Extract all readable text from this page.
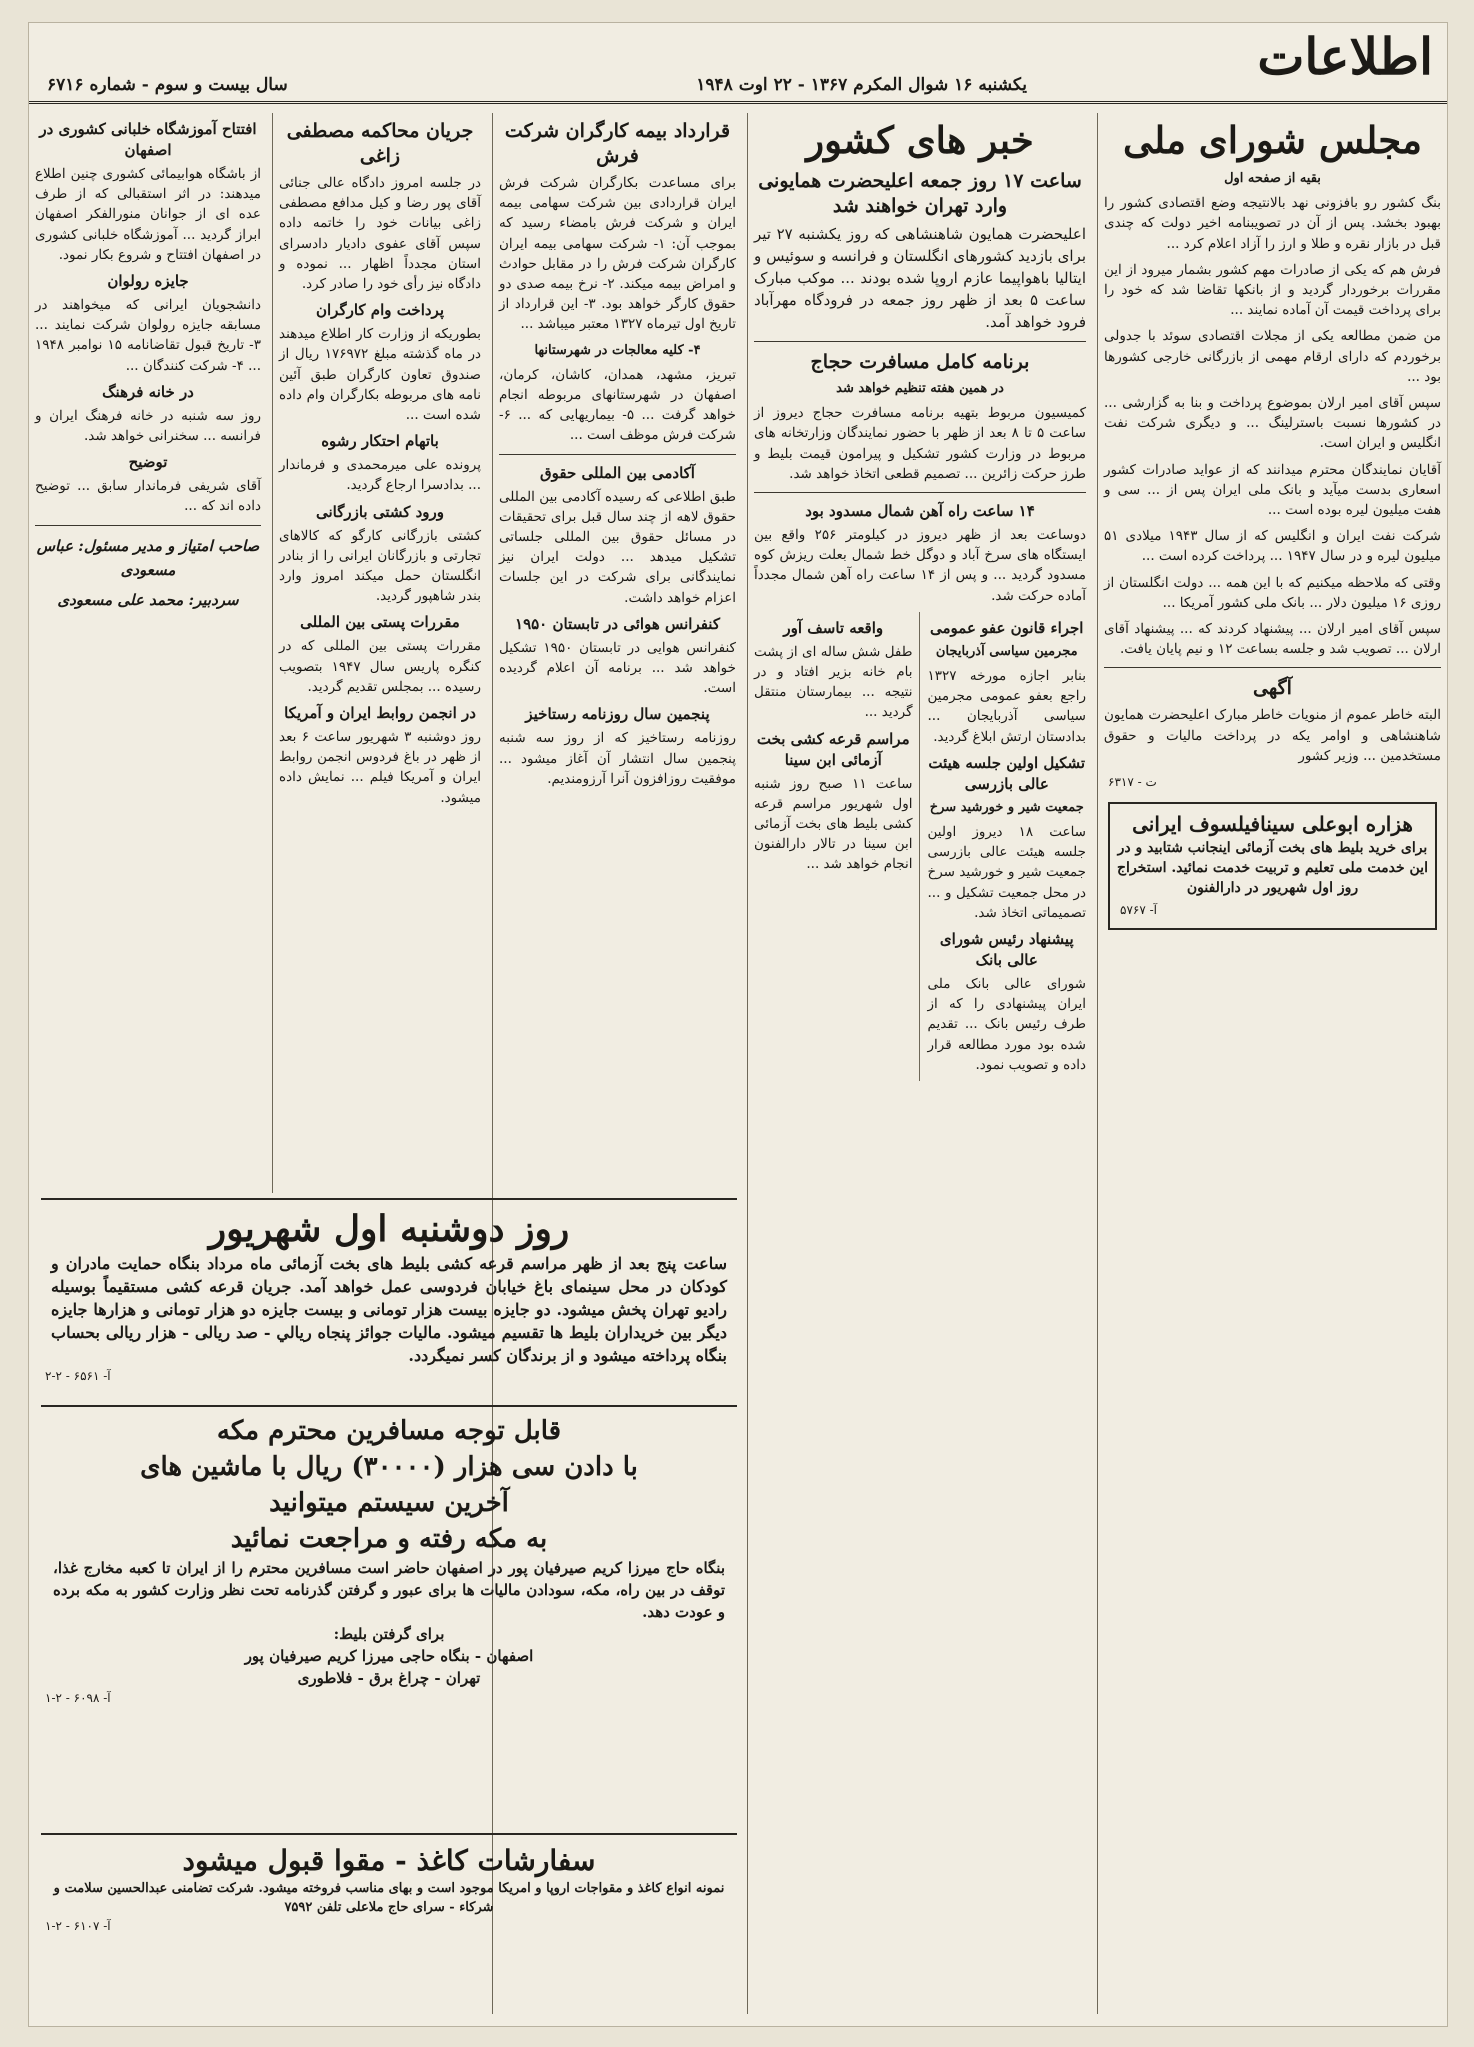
اطلاعات
یکشنبه ۱۶ شوال المکرم ۱۳۶۷ - ۲۲ اوت ۱۹۴۸
سال بیست و سوم - شماره ۶۷۱۶
مجلس شورای ملی
بقیه از صفحه اول

بنگ کشور رو بافزونی نهد بالانتیجه وضع اقتصادی کشور را بهبود بخشد. پس از آن در تصویبنامه اخیر دولت که چندی قبل در بازار نقره و طلا و ارز را آزاد اعلام کرد ...

فرش هم که یکی از صادرات مهم کشور بشمار میرود از این مقررات برخوردار گردید و از بانکها تقاضا شد که خود را برای پرداخت قیمت آن آماده نمایند ...

من ضمن مطالعه یکی از مجلات اقتصادی سوئد با جدولی برخوردم که دارای ارقام مهمی از بازرگانی خارجی کشورها بود ...

سپس آقای امیر ارلان بموضوع پرداخت و بنا به گزارشی ... در کشورها نسبت باسترلینگ ... و دیگری شرکت نفت انگلیس و ایران است.

آقایان نمایندگان محترم میدانند که از عواید صادرات کشور اسعاری بدست میآید و بانک ملی ایران پس از ... سی و هفت میلیون لیره بوده است ...

شرکت نفت ایران و انگلیس که از سال ۱۹۴۳ میلادی ۵۱ میلیون لیره و در سال ۱۹۴۷ ... پرداخت کرده است ...

وقتی که ملاحظه میکنیم که با این همه ... دولت انگلستان از روزی ۱۶ میلیون دلار ... بانک ملی کشور آمریکا ...

سپس آقای امیر ارلان ... پیشنهاد کردند که ... پیشنهاد آقای ارلان ... تصویب شد و جلسه بساعت ۱۲ و نیم پایان یافت.

آگهی

البته خاطر عموم از منویات خاطر مبارک اعلیحضرت همایون شاهنشاهی و اوامر یکه در پرداخت مالیات و حقوق مستخدمین ... وزیر کشور

ت - ۶۳۱۷
هزاره ابوعلی سینافیلسوف ایرانی
برای خرید بلیط های بخت آزمائی اینجانب شتابید و در این خدمت ملی تعلیم و تربیت خدمت نمائید. استخراج روز اول شهریور در دارالفنون
آ- ۵۷۶۷
خبر های کشور
ساعت ۱۷ روز جمعه اعلیحضرت همایونی وارد تهران خواهند شد

اعلیحضرت همایون شاهنشاهی که روز یکشنبه ۲۷ تیر برای بازدید کشورهای انگلستان و فرانسه و سوئیس و ایتالیا باهواپیما عازم اروپا شده بودند ... موکب مبارک ساعت ۵ بعد از ظهر روز جمعه در فرودگاه مهرآباد فرود خواهد آمد.

برنامه کامل مسافرت حجاج
در همین هفته تنظیم خواهد شد

کمیسیون مربوط بتهیه برنامه مسافرت حجاج دیروز از ساعت ۵ تا ۸ بعد از ظهر با حضور نمایندگان وزارتخانه های مربوط در وزارت کشور تشکیل و پیرامون قیمت بلیط و طرز حرکت زائرین ... تصمیم قطعی اتخاذ خواهد شد.

۱۴ ساعت راه آهن شمال مسدود بود

دوساعت بعد از ظهر دیروز در کیلومتر ۲۵۶ واقع بین ایستگاه های سرخ آباد و دوگل خط شمال بعلت ریزش کوه مسدود گردید ... و پس از ۱۴ ساعت راه آهن شمال مجدداً آماده حرکت شد.

اجراء قانون عفو عمومی
مجرمین سیاسی آذربایجان

بنابر اجازه مورخه ۱۳۲۷ راجع بعفو عمومی مجرمین سیاسی آذربایجان ... بدادستان ارتش ابلاغ گردید.

تشکیل اولین جلسه هیئت عالی بازرسی
جمعیت شیر و خورشید سرخ

ساعت ۱۸ دیروز اولین جلسه هیئت عالی بازرسی جمعیت شیر و خورشید سرخ در محل جمعیت تشکیل و ... تصمیماتی اتخاذ شد.

پیشنهاد رئیس شورای عالی بانک

شورای عالی بانک ملی ایران پیشنهادی را که از طرف رئیس بانک ... تقدیم شده بود مورد مطالعه قرار داده و تصویب نمود.

واقعه تاسف آور

طفل شش ساله ای از پشت بام خانه بزیر افتاد و در نتیجه ... بیمارستان منتقل گردید ...

مراسم قرعه کشی بخت آزمائی ابن سینا

ساعت ۱۱ صبح روز شنبه اول شهریور مراسم قرعه کشی بلیط های بخت آزمائی ابن سینا در تالار دارالفنون انجام خواهد شد ...

قرارداد بیمه کارگران شرکت فرش

برای مساعدت بکارگران شرکت فرش ایران قراردادی بین شرکت سهامی بیمه ایران و شرکت فرش بامضاء رسید که بموجب آن: ۱- شرکت سهامی بیمه ایران کارگران شرکت فرش را در مقابل حوادث و امراض بیمه میکند. ۲- نرخ بیمه صدی دو حقوق کارگر خواهد بود. ۳- این قرارداد از تاریخ اول تیرماه ۱۳۲۷ معتبر میباشد ...

۴- کلیه معالجات در شهرستانها

تبریز، مشهد، همدان، کاشان، کرمان، اصفهان در شهرستانهای مربوطه انجام خواهد گرفت ... ۵- بیماریهایی که ... ۶- شرکت فرش موظف است ...

آکادمی بین المللی حقوق

طبق اطلاعی که رسیده آکادمی بین المللی حقوق لاهه از چند سال قبل برای تحقیقات در مسائل حقوق بین المللی جلساتی تشکیل میدهد ... دولت ایران نیز نمایندگانی برای شرکت در این جلسات اعزام خواهد داشت.

کنفرانس هوائی در تابستان ۱۹۵۰

کنفرانس هوایی در تابستان ۱۹۵۰ تشکیل خواهد شد ... برنامه آن اعلام گردیده است.

پنجمین سال روزنامه رستاخیز

روزنامه رستاخیز که از روز سه شنبه پنجمین سال انتشار آن آغاز میشود ... موفقیت روزافزون آنرا آرزومندیم.

جریان محاکمه مصطفی زاغی

در جلسه امروز دادگاه عالی جنائی آقای پور رضا و کیل مدافع مصطفی زاغی بیانات خود را خاتمه داده سپس آقای عفوی دادیار دادسرای استان مجدداً اظهار ... نموده و دادگاه نیز رأی خود را صادر کرد.

پرداخت وام کارگران

بطوریکه از وزارت کار اطلاع میدهند در ماه گذشته مبلغ ۱۷۶۹۷۲ ریال از صندوق تعاون کارگران طبق آئین نامه های مربوطه بکارگران وام داده شده است ...

باتهام احتکار رشوه

پرونده علی میرمحمدی و فرماندار ... بدادسرا ارجاع گردید.

ورود کشتی بازرگانی

کشتی بازرگانی کارگو که کالاهای تجارتی و بازرگانان ایرانی را از بنادر انگلستان حمل میکند امروز وارد بندر شاهپور گردید.

مقررات پستی بین المللی

مقررات پستی بین المللی که در کنگره پاریس سال ۱۹۴۷ بتصویب رسیده ... بمجلس تقدیم گردید.

در انجمن روابط ایران و آمریکا

روز دوشنبه ۳ شهریور ساعت ۶ بعد از ظهر در باغ فردوس انجمن روابط ایران و آمریکا فیلم ... نمایش داده میشود.

افتتاح آموزشگاه خلبانی کشوری در اصفهان

از باشگاه هوابیمائی کشوری چنین اطلاع میدهند: در اثر استقبالی که از طرف عده ای از جوانان منورالفکر اصفهان ابراز گردید ... آموزشگاه خلبانی کشوری در اصفهان افتتاح و شروع بکار نمود.

جایزه رولوان

دانشجویان ایرانی که میخواهند در مسابقه جایزه رولوان شرکت نمایند ... ۳- تاریخ قبول تقاضانامه ۱۵ نوامبر ۱۹۴۸ ... ۴- شرکت کنندگان ...

در خانه فرهنگ

روز سه شنبه در خانه فرهنگ ایران و فرانسه ... سخنرانی خواهد شد.

توضیح

آقای شریفی فرماندار سابق ... توضیح داده اند که ...

صاحب امتیاز و مدیر مسئول: عباس مسعودی
سردبیر: محمد علی مسعودی
روز دوشنبه اول شهریور
ساعت پنج بعد از ظهر مراسم قرعه کشی بلیط های بخت آزمائی ماه مرداد بنگاه حمایت مادران و کودکان در محل سینمای باغ خیابان فردوسی عمل خواهد آمد. جریان قرعه کشی مستقیماً بوسیله رادیو تهران پخش میشود. دو جایزه بیست هزار تومانی و بیست جایزه دو هزار تومانی و هزارها جایزه دیگر بین خریداران بلیط ها تقسیم میشود. ماليات جوائز پنجاه ريالي - صد ریالی - هزار ریالی بحساب بنگاه پرداخته میشود و از برندگان کسر نمیگردد.
آ- ۶۵۶۱ - ۲-۲
قابل توجه مسافرین محترم مکه
با دادن سی هزار (۳۰۰۰۰) ریال با ماشین های
آخرین سیستم میتوانید
به مکه رفته و مراجعت نمائید
بنگاه حاج میرزا کریم صیرفیان پور در اصفهان حاضر است مسافرین محترم را از ایران تا کعبه مخارج غذا، توقف در بین راه، مکه، سودادن مالیات ها برای عبور و گرفتن گذرنامه تحت نظر وزارت کشور به مکه برده و عودت دهد.
برای گرفتن بلیط:
اصفهان - بنگاه حاجی میرزا کریم صیرفیان پور
تهران - چراغ برق - فلاطوری
آ- ۶۰۹۸ - ۲-۱
سفارشات کاغذ - مقوا قبول میشود
نمونه انواع کاغذ و مقواجات اروپا و امریکا موجود است و بهای مناسب فروخته میشود. شرکت تضامنی عبدالحسین سلامت و شرکاء - سرای حاج ملاعلی تلفن ۷۵۹۲
آ- ۶۱۰۷ - ۲-۱
